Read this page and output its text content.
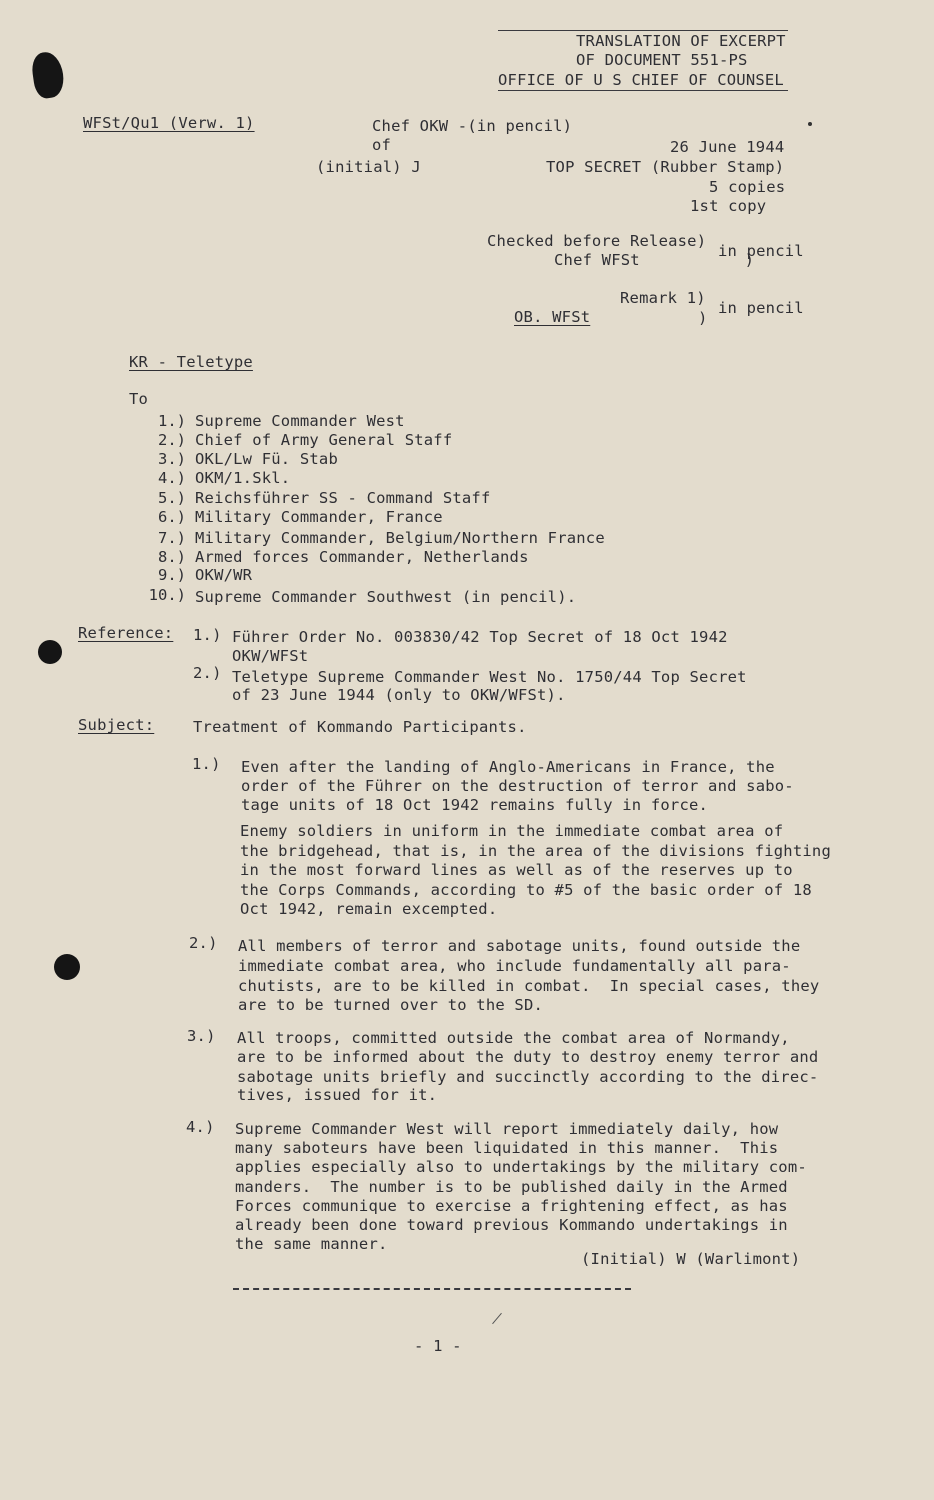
TRANSLATION OF EXCERPT
OF DOCUMENT 551-PS
OFFICE OF U S CHIEF OF COUNSEL
WFSt/Qu1 (Verw. 1)	Chef OKW -(in pencil)
of
(initial) J
26 June 1944
TOP SECRET (Rubber Stamp)
5 copies
1st copy
Checked before Release)
Chef WFSt           )
in pencil
Remark 1)
)
in pencil
OB. WFSt
KR - Teletype
To
1.) Supreme Commander West
2.) Chief of Army General Staff
3.) OKL/Lw Fü. Stab
4.) OKM/1.Skl.
5.) Reichsführer SS - Command Staff
6.) Military Commander, France
7.) Military Commander, Belgium/Northern France
8.) Armed forces Commander, Netherlands
9.) OKW/WR
10.) Supreme Commander Southwest (in pencil).
Reference: 1.) Führer Order No. 003830/42 Top Secret of 18 Oct 1942
OKW/WFSt
2.) Teletype Supreme Commander West No. 1750/44 Top Secret
of 23 June 1944 (only to OKW/WFSt).
Subject: Treatment of Kommando Participants.
1.) Even after the landing of Anglo-Americans in France, the
order of the Führer on the destruction of terror and sabo-
tage units of 18 Oct 1942 remains fully in force.
Enemy soldiers in uniform in the immediate combat area of
the bridgehead, that is, in the area of the divisions fighting
in the most forward lines as well as of the reserves up to
the Corps Commands, according to #5 of the basic order of 18
Oct 1942, remain excempted.
2.) All members of terror and sabotage units, found outside the
immediate combat area, who include fundamentally all para-
chutists, are to be killed in combat.  In special cases, they
are to be turned over to the SD.
3.) All troops, committed outside the combat area of Normandy,
are to be informed about the duty to destroy enemy terror and
sabotage units briefly and succinctly according to the direc-
tives, issued for it.
4.) Supreme Commander West will report immediately daily, how
many saboteurs have been liquidated in this manner.  This
applies especially also to undertakings by the military com-
manders.  The number is to be published daily in the Armed
Forces communique to exercise a frightening effect, as has
already been done toward previous Kommando undertakings in
the same manner.
(Initial) W (Warlimont)
- 1 -
